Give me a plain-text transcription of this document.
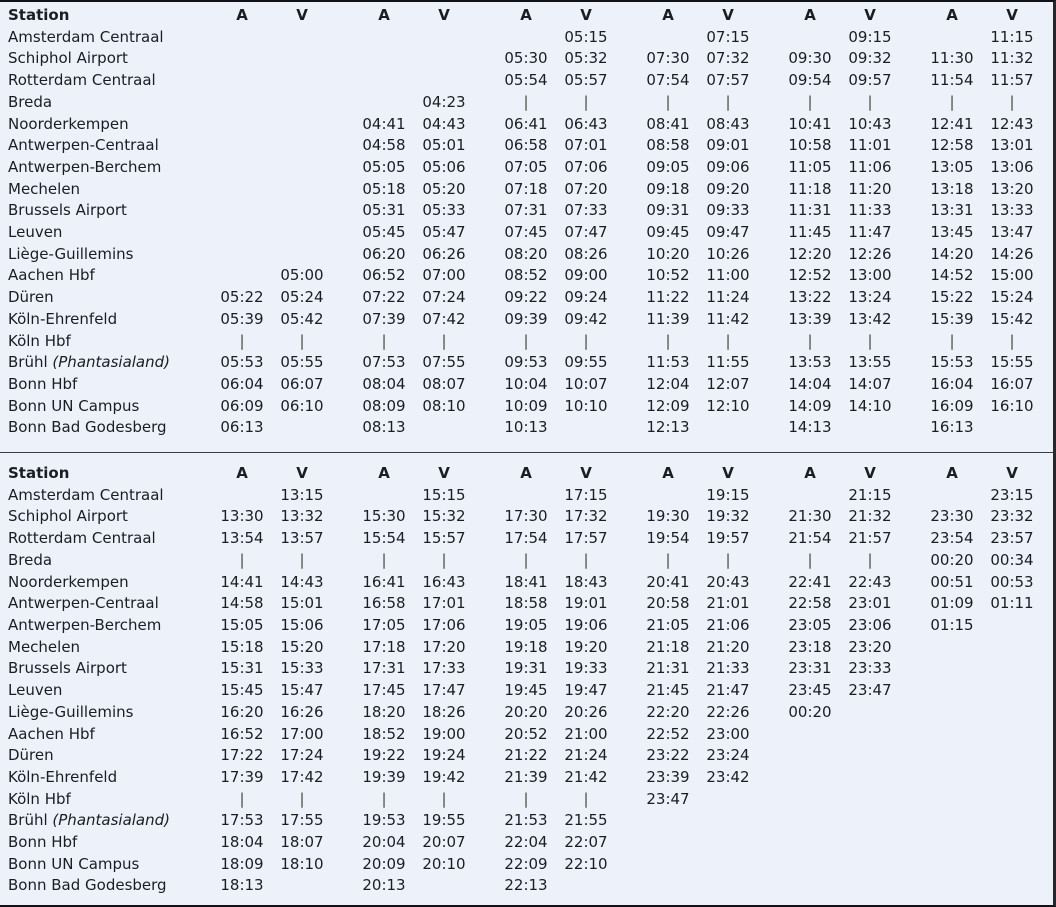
Station	A	V		A	V		A	V		A	V		A	V		A	V	
Amsterdam Centraal								05:15			07:15			09:15			11:15	
Schiphol Airport							05:30	05:32		07:30	07:32		09:30	09:32		11:30	11:32	
Rotterdam Centraal							05:54	05:57		07:54	07:57		09:54	09:57		11:54	11:57	
Breda					04:23		|	|		|	|		|	|		|	|	
Noorderkempen				04:41	04:43		06:41	06:43		08:41	08:43		10:41	10:43		12:41	12:43	
Antwerpen-Centraal				04:58	05:01		06:58	07:01		08:58	09:01		10:58	11:01		12:58	13:01	
Antwerpen-Berchem				05:05	05:06		07:05	07:06		09:05	09:06		11:05	11:06		13:05	13:06	
Mechelen				05:18	05:20		07:18	07:20		09:18	09:20		11:18	11:20		13:18	13:20	
Brussels Airport				05:31	05:33		07:31	07:33		09:31	09:33		11:31	11:33		13:31	13:33	
Leuven				05:45	05:47		07:45	07:47		09:45	09:47		11:45	11:47		13:45	13:47	
Liège-Guillemins				06:20	06:26		08:20	08:26		10:20	10:26		12:20	12:26		14:20	14:26	
Aachen Hbf		05:00		06:52	07:00		08:52	09:00		10:52	11:00		12:52	13:00		14:52	15:00	
Düren	05:22	05:24		07:22	07:24		09:22	09:24		11:22	11:24		13:22	13:24		15:22	15:24	
Köln-Ehrenfeld	05:39	05:42		07:39	07:42		09:39	09:42		11:39	11:42		13:39	13:42		15:39	15:42	
Köln Hbf	|	|		|	|		|	|		|	|		|	|		|	|	
Brühl (Phantasialand)	05:53	05:55		07:53	07:55		09:53	09:55		11:53	11:55		13:53	13:55		15:53	15:55	
Bonn Hbf	06:04	06:07		08:04	08:07		10:04	10:07		12:04	12:07		14:04	14:07		16:04	16:07	
Bonn UN Campus	06:09	06:10		08:09	08:10		10:09	10:10		12:09	12:10		14:09	14:10		16:09	16:10	
Bonn Bad Godesberg	06:13			08:13			10:13			12:13			14:13			16:13		
Station	A	V		A	V		A	V		A	V		A	V		A	V	
Amsterdam Centraal		13:15			15:15			17:15			19:15			21:15			23:15	
Schiphol Airport	13:30	13:32		15:30	15:32		17:30	17:32		19:30	19:32		21:30	21:32		23:30	23:32	
Rotterdam Centraal	13:54	13:57		15:54	15:57		17:54	17:57		19:54	19:57		21:54	21:57		23:54	23:57	
Breda	|	|		|	|		|	|		|	|		|	|		00:20	00:34	
Noorderkempen	14:41	14:43		16:41	16:43		18:41	18:43		20:41	20:43		22:41	22:43		00:51	00:53	
Antwerpen-Centraal	14:58	15:01		16:58	17:01		18:58	19:01		20:58	21:01		22:58	23:01		01:09	01:11	
Antwerpen-Berchem	15:05	15:06		17:05	17:06		19:05	19:06		21:05	21:06		23:05	23:06		01:15		
Mechelen	15:18	15:20		17:18	17:20		19:18	19:20		21:18	21:20		23:18	23:20				
Brussels Airport	15:31	15:33		17:31	17:33		19:31	19:33		21:31	21:33		23:31	23:33				
Leuven	15:45	15:47		17:45	17:47		19:45	19:47		21:45	21:47		23:45	23:47				
Liège-Guillemins	16:20	16:26		18:20	18:26		20:20	20:26		22:20	22:26		00:20					
Aachen Hbf	16:52	17:00		18:52	19:00		20:52	21:00		22:52	23:00							
Düren	17:22	17:24		19:22	19:24		21:22	21:24		23:22	23:24							
Köln-Ehrenfeld	17:39	17:42		19:39	19:42		21:39	21:42		23:39	23:42							
Köln Hbf	|	|		|	|		|	|		23:47								
Brühl (Phantasialand)	17:53	17:55		19:53	19:55		21:53	21:55										
Bonn Hbf	18:04	18:07		20:04	20:07		22:04	22:07										
Bonn UN Campus	18:09	18:10		20:09	20:10		22:09	22:10										
Bonn Bad Godesberg	18:13			20:13			22:13											
